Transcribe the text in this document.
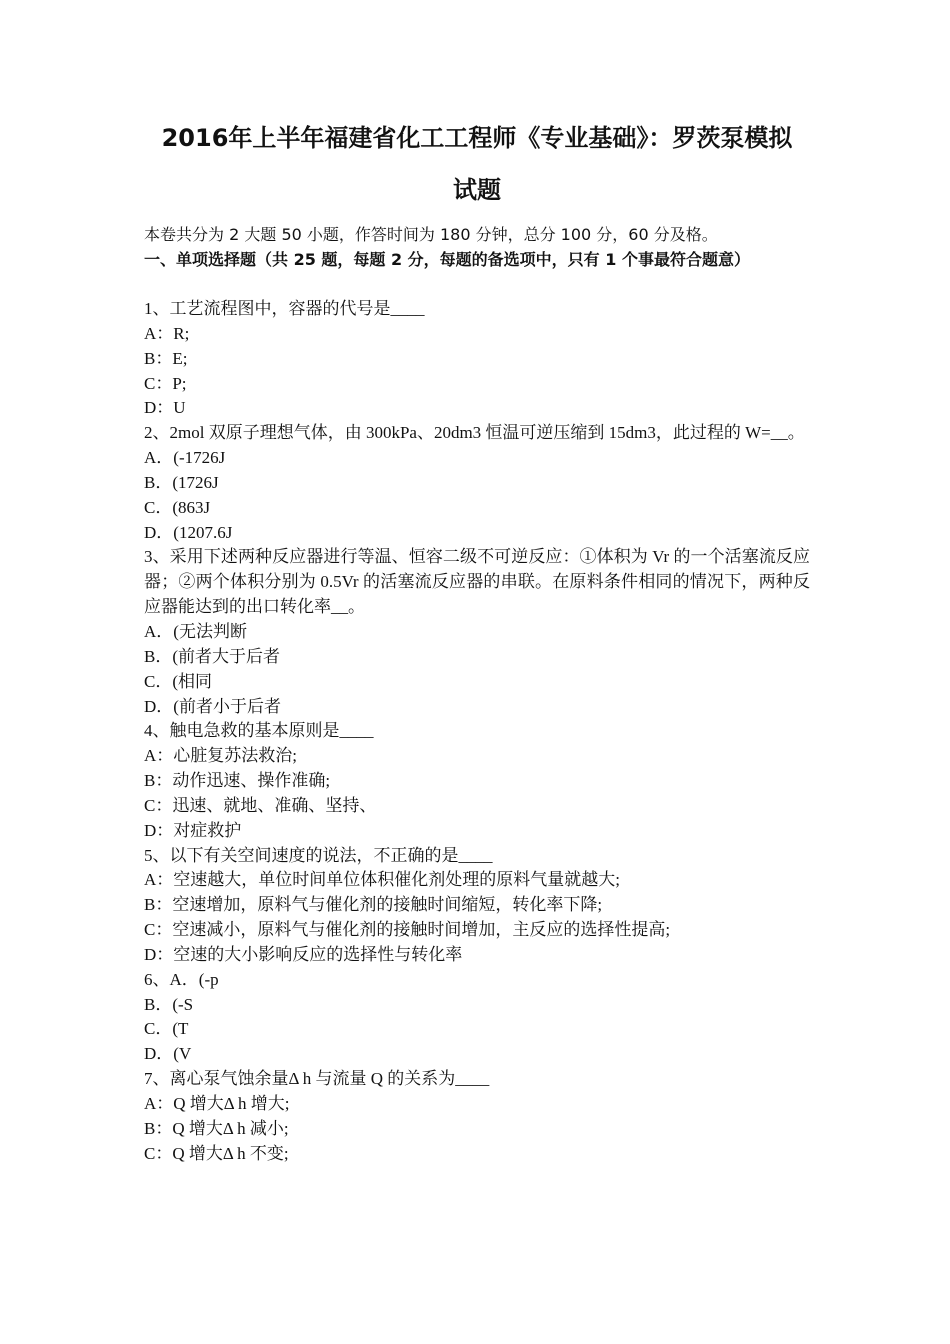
2016年上半年福建省化工工程师《专业基础》：罗茨泵模拟
试题
本卷共分为 2 大题 50 小题，作答时间为 180 分钟，总分 100 分，60 分及格。
一、单项选择题（共 25 题，每题 2 分，每题的备选项中，只有 1 个事最符合题意）
1、工艺流程图中，容器的代号是____
A：R;
B：E;
C：P;
D：U
2、2mol 双原子理想气体，由 300kPa、20dm3 恒温可逆压缩到 15dm3，此过程的 W=__。
A．(-1726J
B．(1726J
C．(863J
D．(1207.6J
3、采用下述两种反应器进行等温、恒容二级不可逆反应：①体积为 Vr 的一个活塞流反应器；②两个体积分别为 0.5Vr 的活塞流反应器的串联。在原料条件相同的情况下，两种反应器能达到的出口转化率__。
A．(无法判断
B．(前者大于后者
C．(相同
D．(前者小于后者
4、触电急救的基本原则是____
A：心脏复苏法救治;
B：动作迅速、操作准确;
C：迅速、就地、准确、坚持、
D：对症救护
5、以下有关空间速度的说法，不正确的是____
A：空速越大，单位时间单位体积催化剂处理的原料气量就越大;
B：空速增加，原料气与催化剂的接触时间缩短，转化率下降;
C：空速减小，原料气与催化剂的接触时间增加，主反应的选择性提高;
D：空速的大小影响反应的选择性与转化率
6、A．(-p
B．(-S
C．(T
D．(V
7、离心泵气蚀余量Δ h 与流量 Q 的关系为____
A：Q 增大Δ h 增大;
B：Q 增大Δ h 减小;
C：Q 增大Δ h 不变;
